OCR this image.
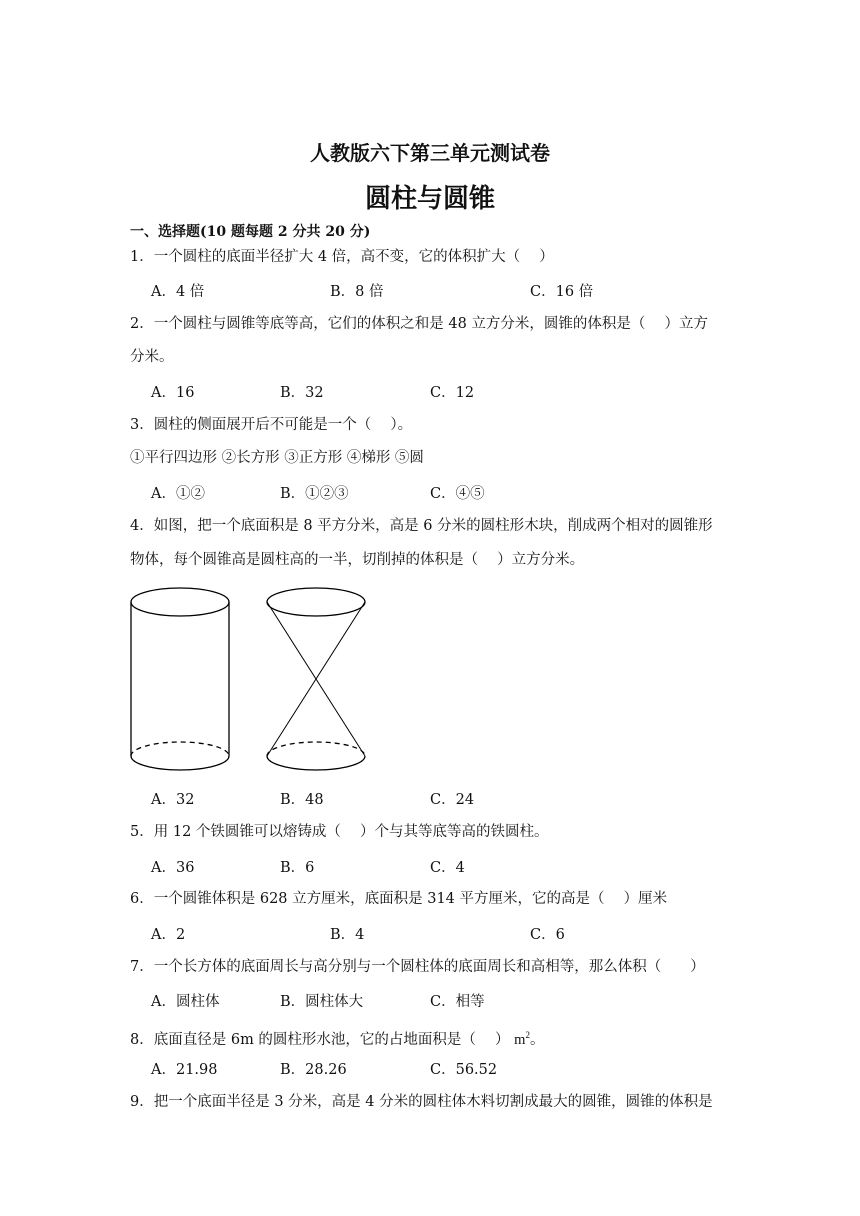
人教版六下第三单元测试卷
圆柱与圆锥
一、选择题(10 题每题 2 分共 20 分)
1．一个圆柱的底面半径扩大 4 倍，高不变，它的体积扩大（　 ）
A．4 倍	B．8 倍	C．16 倍
2．一个圆柱与圆锥等底等高，它们的体积之和是 48 立方分米，圆锥的体积是（　 ）立方
分米。
A．16	B．32	C．12
3．圆柱的侧面展开后不可能是一个（　 ）。
①平行四边形 ②长方形 ③正方形 ④梯形 ⑤圆
A．①②	B．①②③	C．④⑤
4．如图，把一个底面积是 8 平方分米，高是 6 分米的圆柱形木块，削成两个相对的圆锥形
物体，每个圆锥高是圆柱高的一半，切削掉的体积是（　 ）立方分米。
A．32	B．48	C．24
5．用 12 个铁圆锥可以熔铸成（　 ）个与其等底等高的铁圆柱。
A．36	B．6	C．4
6．一个圆锥体积是 628 立方厘米，底面积是 314 平方厘米，它的高是（　 ）厘米
A．2	B．4	C．6
7．一个长方体的底面周长与高分别与一个圆柱体的底面周长和高相等，那么体积（　　）
A．圆柱体	B．圆柱体大	C．相等
8．底面直径是 6m 的圆柱形水池，它的占地面积是（　 ） $m^2$。
A．21.98	B．28.26	C．56.52
9．把一个底面半径是 3 分米，高是 4 分米的圆柱体木料切割成最大的圆锥，圆锥的体积是
